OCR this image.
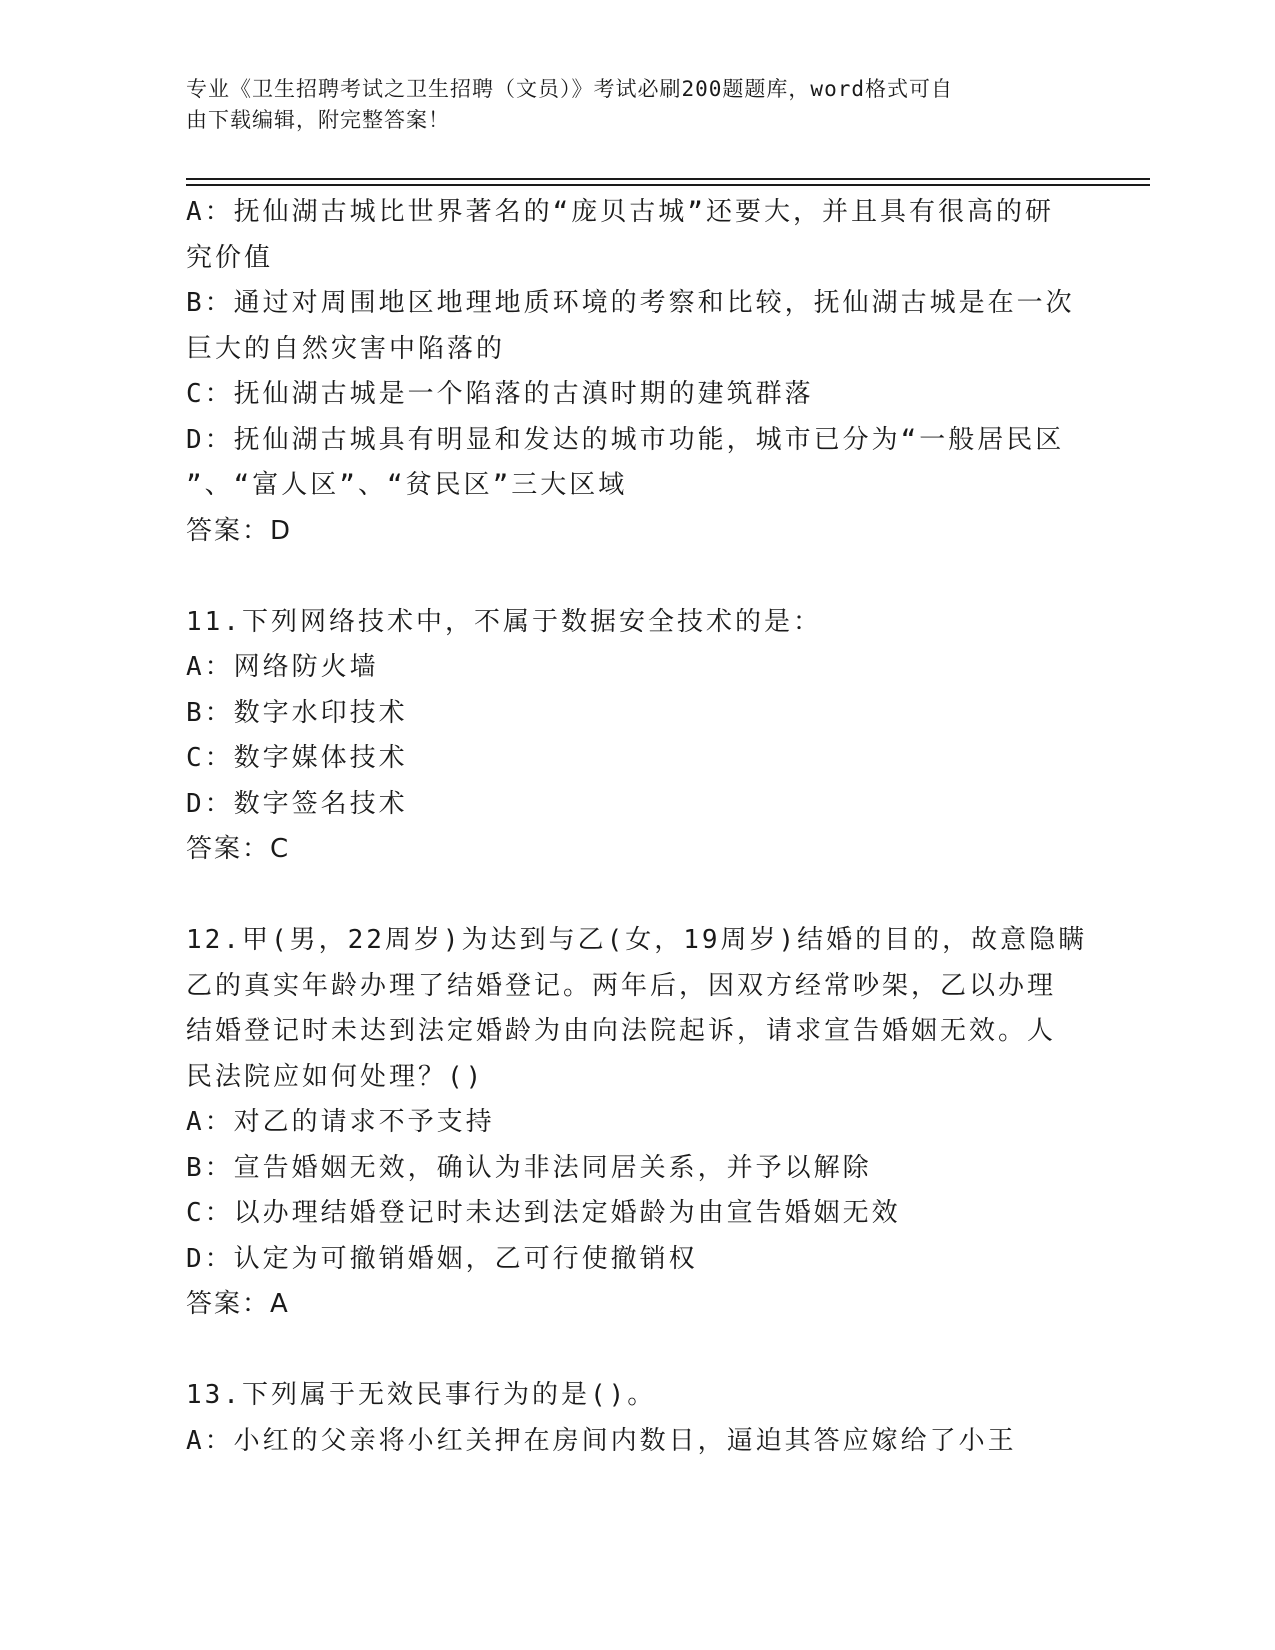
专业《卫生招聘考试之卫生招聘（文员）》考试必刷200题题库，word格式可自
由下载编辑，附完整答案！
A：抚仙湖古城比世界著名的“庞贝古城”还要大，并且具有很高的研
究价值
B：通过对周围地区地理地质环境的考察和比较，抚仙湖古城是在一次
巨大的自然灾害中陷落的
C：抚仙湖古城是一个陷落的古滇时期的建筑群落
D：抚仙湖古城具有明显和发达的城市功能，城市已分为“一般居民区
”、“富人区”、“贫民区”三大区域
答案：D
11.下列网络技术中，不属于数据安全技术的是：
A：网络防火墙
B：数字水印技术
C：数字媒体技术
D：数字签名技术
答案：C
12.甲(男，22周岁)为达到与乙(女，19周岁)结婚的目的，故意隐瞒
乙的真实年龄办理了结婚登记。两年后，因双方经常吵架，乙以办理
结婚登记时未达到法定婚龄为由向法院起诉，请求宣告婚姻无效。人
民法院应如何处理？()
A：对乙的请求不予支持
B：宣告婚姻无效，确认为非法同居关系，并予以解除
C：以办理结婚登记时未达到法定婚龄为由宣告婚姻无效
D：认定为可撤销婚姻，乙可行使撤销权
答案：A
13.下列属于无效民事行为的是()。
A：小红的父亲将小红关押在房间内数日，逼迫其答应嫁给了小王
